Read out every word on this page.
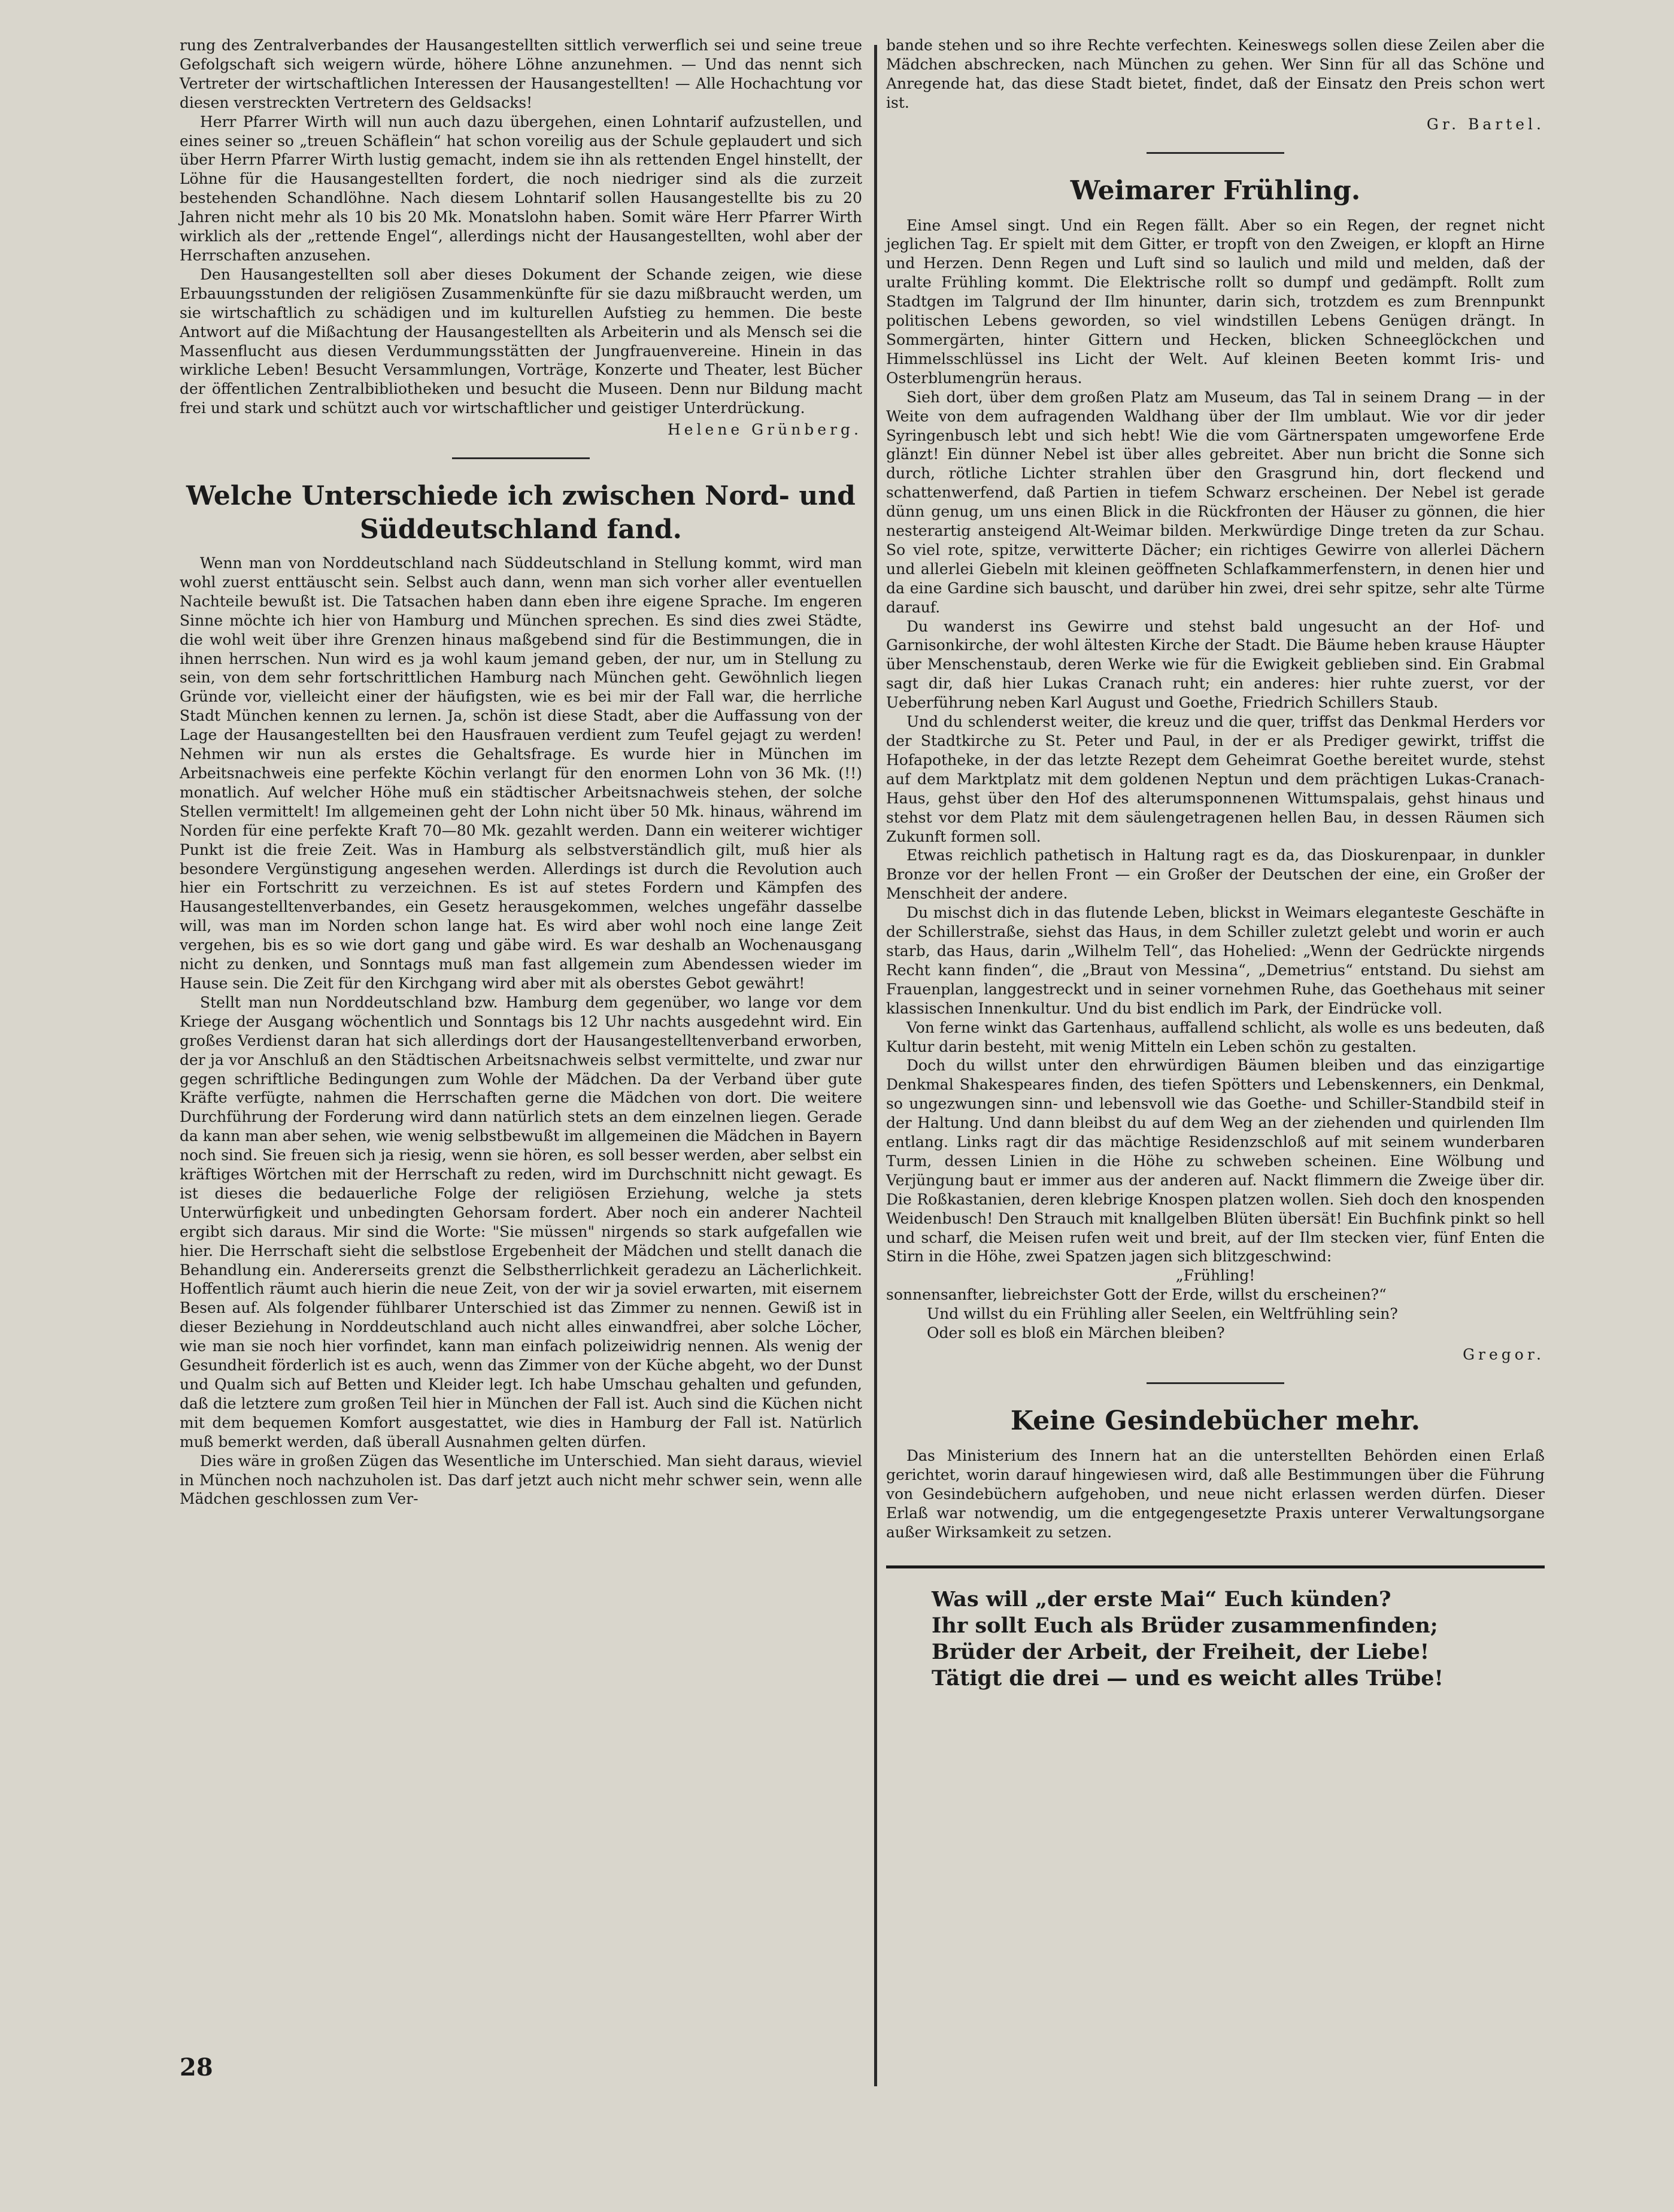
rung des Zentralverbandes der Hausangestellten sittlich verwerflich sei und seine treue Gefolgschaft sich weigern würde, höhere Löhne anzunehmen. — Und das nennt sich Vertreter der wirtschaftlichen Interessen der Hausangestellten! — Alle Hochachtung vor diesen verstreckten Vertretern des Geldsacks!

Herr Pfarrer Wirth will nun auch dazu übergehen, einen Lohntarif aufzustellen, und eines seiner so „treuen Schäflein“ hat schon voreilig aus der Schule geplaudert und sich über Herrn Pfarrer Wirth lustig gemacht, indem sie ihn als rettenden Engel hinstellt, der Löhne für die Hausangestellten fordert, die noch niedriger sind als die zurzeit bestehenden Schandlöhne. Nach diesem Lohntarif sollen Hausangestellte bis zu 20 Jahren nicht mehr als 10 bis 20 Mk. Monatslohn haben. Somit wäre Herr Pfarrer Wirth wirklich als der „rettende Engel“, allerdings nicht der Hausangestellten, wohl aber der Herrschaften anzusehen.

Den Hausangestellten soll aber dieses Dokument der Schande zeigen, wie diese Erbauungsstunden der religiösen Zusammenkünfte für sie dazu mißbraucht werden, um sie wirtschaftlich zu schädigen und im kulturellen Aufstieg zu hemmen. Die beste Antwort auf die Mißachtung der Hausangestellten als Arbeiterin und als Mensch sei die Massenflucht aus diesen Verdummungsstätten der Jungfrauenvereine. Hinein in das wirkliche Leben! Besucht Versammlungen, Vorträge, Konzerte und Theater, lest Bücher der öffentlichen Zentralbibliotheken und besucht die Museen. Denn nur Bildung macht frei und stark und schützt auch vor wirtschaftlicher und geistiger Unterdrückung.

Helene Grünberg.

Welche Unterschiede ich zwischen Nord- und Süddeutschland fand.

Wenn man von Norddeutschland nach Süddeutschland in Stellung kommt, wird man wohl zuerst enttäuscht sein. Selbst auch dann, wenn man sich vorher aller eventuellen Nachteile bewußt ist. Die Tatsachen haben dann eben ihre eigene Sprache. Im engeren Sinne möchte ich hier von Hamburg und München sprechen. Es sind dies zwei Städte, die wohl weit über ihre Grenzen hinaus maßgebend sind für die Bestimmungen, die in ihnen herrschen. Nun wird es ja wohl kaum jemand geben, der nur, um in Stellung zu sein, von dem sehr fortschrittlichen Hamburg nach München geht. Gewöhnlich liegen Gründe vor, vielleicht einer der häufigsten, wie es bei mir der Fall war, die herrliche Stadt München kennen zu lernen. Ja, schön ist diese Stadt, aber die Auffassung von der Lage der Hausangestellten bei den Hausfrauen verdient zum Teufel gejagt zu werden! Nehmen wir nun als erstes die Gehaltsfrage. Es wurde hier in München im Arbeitsnachweis eine perfekte Köchin verlangt für den enormen Lohn von 36 Mk. (!!) monatlich. Auf welcher Höhe muß ein städtischer Arbeitsnachweis stehen, der solche Stellen vermittelt! Im allgemeinen geht der Lohn nicht über 50 Mk. hinaus, während im Norden für eine perfekte Kraft 70—80 Mk. gezahlt werden. Dann ein weiterer wichtiger Punkt ist die freie Zeit. Was in Hamburg als selbstverständlich gilt, muß hier als besondere Vergünstigung angesehen werden. Allerdings ist durch die Revolution auch hier ein Fortschritt zu verzeichnen. Es ist auf stetes Fordern und Kämpfen des Hausangestelltenverbandes, ein Gesetz herausgekommen, welches ungefähr dasselbe will, was man im Norden schon lange hat. Es wird aber wohl noch eine lange Zeit vergehen, bis es so wie dort gang und gäbe wird. Es war deshalb an Wochenausgang nicht zu denken, und Sonntags muß man fast allgemein zum Abendessen wieder im Hause sein. Die Zeit für den Kirchgang wird aber mit als oberstes Gebot gewährt!

Stellt man nun Norddeutschland bzw. Hamburg dem gegenüber, wo lange vor dem Kriege der Ausgang wöchentlich und Sonntags bis 12 Uhr nachts ausgedehnt wird. Ein großes Verdienst daran hat sich allerdings dort der Hausangestelltenverband erworben, der ja vor Anschluß an den Städtischen Arbeitsnachweis selbst vermittelte, und zwar nur gegen schriftliche Bedingungen zum Wohle der Mädchen. Da der Verband über gute Kräfte verfügte, nahmen die Herrschaften gerne die Mädchen von dort. Die weitere Durchführung der Forderung wird dann natürlich stets an dem einzelnen liegen. Gerade da kann man aber sehen, wie wenig selbstbewußt im allgemeinen die Mädchen in Bayern noch sind. Sie freuen sich ja riesig, wenn sie hören, es soll besser werden, aber selbst ein kräftiges Wörtchen mit der Herrschaft zu reden, wird im Durchschnitt nicht gewagt. Es ist dieses die bedauerliche Folge der religiösen Erziehung, welche ja stets Unterwürfigkeit und unbedingten Gehorsam fordert. Aber noch ein anderer Nachteil ergibt sich daraus. Mir sind die Worte: "Sie müssen" nirgends so stark aufgefallen wie hier. Die Herrschaft sieht die selbstlose Ergebenheit der Mädchen und stellt danach die Behandlung ein. Andererseits grenzt die Selbstherrlichkeit geradezu an Lächerlichkeit. Hoffentlich räumt auch hierin die neue Zeit, von der wir ja soviel erwarten, mit eisernem Besen auf. Als folgender fühlbarer Unterschied ist das Zimmer zu nennen. Gewiß ist in dieser Beziehung in Norddeutschland auch nicht alles einwandfrei, aber solche Löcher, wie man sie noch hier vorfindet, kann man einfach polizeiwidrig nennen. Als wenig der Gesundheit förderlich ist es auch, wenn das Zimmer von der Küche abgeht, wo der Dunst und Qualm sich auf Betten und Kleider legt. Ich habe Umschau gehalten und gefunden, daß die letztere zum großen Teil hier in München der Fall ist. Auch sind die Küchen nicht mit dem bequemen Komfort ausgestattet, wie dies in Hamburg der Fall ist. Natürlich muß bemerkt werden, daß überall Ausnahmen gelten dürfen.

Dies wäre in großen Zügen das Wesentliche im Unterschied. Man sieht daraus, wieviel in München noch nachzuholen ist. Das darf jetzt auch nicht mehr schwer sein, wenn alle Mädchen geschlossen zum Ver-

bande stehen und so ihre Rechte verfechten. Keineswegs sollen diese Zeilen aber die Mädchen abschrecken, nach München zu gehen. Wer Sinn für all das Schöne und Anregende hat, das diese Stadt bietet, findet, daß der Einsatz den Preis schon wert ist.

Gr. Bartel.

Weimarer Frühling.

Eine Amsel singt. Und ein Regen fällt. Aber so ein Regen, der regnet nicht jeglichen Tag. Er spielt mit dem Gitter, er tropft von den Zweigen, er klopft an Hirne und Herzen. Denn Regen und Luft sind so laulich und mild und melden, daß der uralte Frühling kommt. Die Elektrische rollt so dumpf und gedämpft. Rollt zum Stadtgen im Talgrund der Ilm hinunter, darin sich, trotzdem es zum Brennpunkt politischen Lebens geworden, so viel windstillen Lebens Genügen drängt. In Sommergärten, hinter Gittern und Hecken, blicken Schneeglöckchen und Himmelsschlüssel ins Licht der Welt. Auf kleinen Beeten kommt Iris- und Osterblumengrün heraus.

Sieh dort, über dem großen Platz am Museum, das Tal in seinem Drang — in der Weite von dem aufragenden Waldhang über der Ilm umblaut. Wie vor dir jeder Syringenbusch lebt und sich hebt! Wie die vom Gärtnerspaten umgeworfene Erde glänzt! Ein dünner Nebel ist über alles gebreitet. Aber nun bricht die Sonne sich durch, rötliche Lichter strahlen über den Grasgrund hin, dort fleckend und schattenwerfend, daß Partien in tiefem Schwarz erscheinen. Der Nebel ist gerade dünn genug, um uns einen Blick in die Rückfronten der Häuser zu gönnen, die hier nesterartig ansteigend Alt-Weimar bilden. Merkwürdige Dinge treten da zur Schau. So viel rote, spitze, verwitterte Dächer; ein richtiges Gewirre von allerlei Dächern und allerlei Giebeln mit kleinen geöffneten Schlafkammerfenstern, in denen hier und da eine Gardine sich bauscht, und darüber hin zwei, drei sehr spitze, sehr alte Türme darauf.

Du wanderst ins Gewirre und stehst bald ungesucht an der Hof- und Garnisonkirche, der wohl ältesten Kirche der Stadt. Die Bäume heben krause Häupter über Menschenstaub, deren Werke wie für die Ewigkeit geblieben sind. Ein Grabmal sagt dir, daß hier Lukas Cranach ruht; ein anderes: hier ruhte zuerst, vor der Ueberführung neben Karl August und Goethe, Friedrich Schillers Staub.

Und du schlenderst weiter, die kreuz und die quer, triffst das Denkmal Herders vor der Stadtkirche zu St. Peter und Paul, in der er als Prediger gewirkt, triffst die Hofapotheke, in der das letzte Rezept dem Geheimrat Goethe bereitet wurde, stehst auf dem Marktplatz mit dem goldenen Neptun und dem prächtigen Lukas-Cranach-Haus, gehst über den Hof des alterumsponnenen Wittumspalais, gehst hinaus und stehst vor dem Platz mit dem säulengetragenen hellen Bau, in dessen Räumen sich Zukunft formen soll.

Etwas reichlich pathetisch in Haltung ragt es da, das Dioskurenpaar, in dunkler Bronze vor der hellen Front — ein Großer der Deutschen der eine, ein Großer der Menschheit der andere.

Du mischst dich in das flutende Leben, blickst in Weimars eleganteste Geschäfte in der Schillerstraße, siehst das Haus, in dem Schiller zuletzt gelebt und worin er auch starb, das Haus, darin „Wilhelm Tell“, das Hohelied: „Wenn der Gedrückte nirgends Recht kann finden“, die „Braut von Messina“, „Demetrius“ entstand. Du siehst am Frauenplan, langgestreckt und in seiner vornehmen Ruhe, das Goethehaus mit seiner klassischen Innenkultur. Und du bist endlich im Park, der Eindrücke voll.

Von ferne winkt das Gartenhaus, auffallend schlicht, als wolle es uns bedeuten, daß Kultur darin besteht, mit wenig Mitteln ein Leben schön zu gestalten.

Doch du willst unter den ehrwürdigen Bäumen bleiben und das einzigartige Denkmal Shakespeares finden, des tiefen Spötters und Lebenskenners, ein Denkmal, so ungezwungen sinn- und lebensvoll wie das Goethe- und Schiller-Standbild steif in der Haltung. Und dann bleibst du auf dem Weg an der ziehenden und quirlenden Ilm entlang. Links ragt dir das mächtige Residenzschloß auf mit seinem wunderbaren Turm, dessen Linien in die Höhe zu schweben scheinen. Eine Wölbung und Verjüngung baut er immer aus der anderen auf. Nackt flimmern die Zweige über dir. Die Roßkastanien, deren klebrige Knospen platzen wollen. Sieh doch den knospenden Weidenbusch! Den Strauch mit knallgelben Blüten übersät! Ein Buchfink pinkt so hell und scharf, die Meisen rufen weit und breit, auf der Ilm stecken vier, fünf Enten die Stirn in die Höhe, zwei Spatzen jagen sich blitzgeschwind:

„Frühling!

sonnensanfter, liebreichster Gott der Erde, willst du erscheinen?“

Und willst du ein Frühling aller Seelen, ein Weltfrühling sein?

Oder soll es bloß ein Märchen bleiben?

Gregor.

Keine Gesindebücher mehr.

Das Ministerium des Innern hat an die unterstellten Behörden einen Erlaß gerichtet, worin darauf hingewiesen wird, daß alle Bestimmungen über die Führung von Gesindebüchern aufgehoben, und neue nicht erlassen werden dürfen. Dieser Erlaß war notwendig, um die entgegengesetzte Praxis unterer Verwaltungsorgane außer Wirksamkeit zu setzen.

Was will „der erste Mai“ Euch künden?

Ihr sollt Euch als Brüder zusammenfinden;

Brüder der Arbeit, der Freiheit, der Liebe!

Tätigt die drei — und es weicht alles Trübe!

28
